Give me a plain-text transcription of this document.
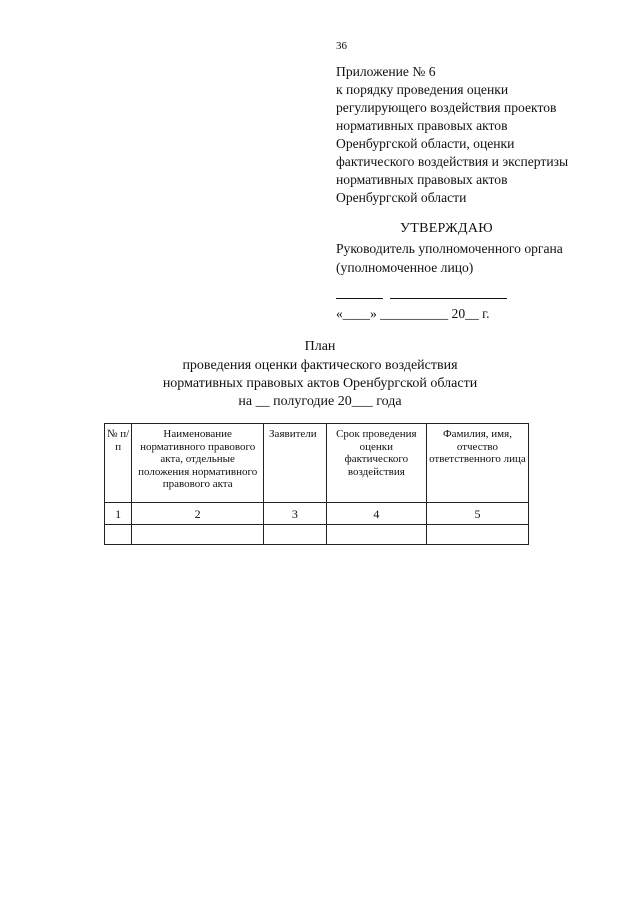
36
Приложение № 6
к порядку проведения оценки
регулирующего воздействия проектов
нормативных правовых актов
Оренбургской области, оценки
фактического воздействия и экспертизы
нормативных правовых актов
Оренбургской области
УТВЕРЖДАЮ
Руководитель уполномоченного органа
(уполномоченное лицо)
«____» __________ 20__ г.
План
проведения оценки фактического воздействия
нормативных правовых актов Оренбургской области
на __ полугодие 20___ года
№ п/п	Наименование нормативного правового акта, отдельные положения нормативного правового акта	Заявители	Срок проведения оценки фактического воздействия	Фамилия, имя, отчество ответственного лица
1	2	3	4	5
